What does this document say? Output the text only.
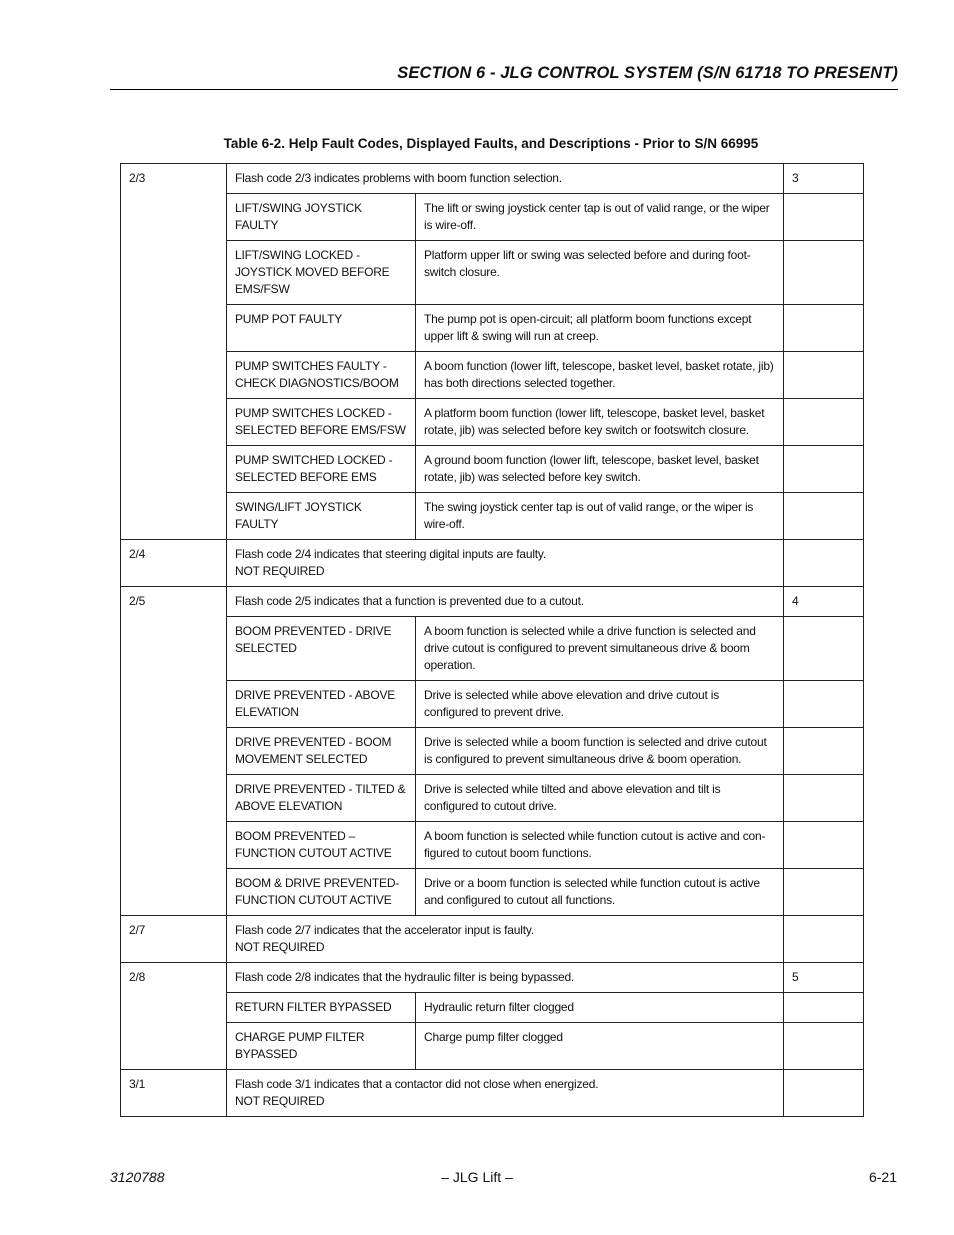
SECTION 6 - JLG CONTROL SYSTEM (S/N 61718 TO PRESENT)
Table 6-2. Help Fault Codes, Displayed Faults, and Descriptions - Prior to S/N 66995
2/3	Flash code 2/3 indicates problems with boom function selection.		3
	LIFT/SWING JOYSTICK FAULTY	The lift or swing joystick center tap is out of valid range, or the wiper is wire-off.	
	LIFT/SWING LOCKED - JOYSTICK MOVED BEFORE EMS/FSW	Platform upper lift or swing was selected before and during foot-switch closure.	
	PUMP POT FAULTY	The pump pot is open-circuit; all platform boom functions except upper lift & swing will run at creep.	
	PUMP SWITCHES FAULTY - CHECK DIAGNOSTICS/BOOM	A boom function (lower lift, telescope, basket level, basket rotate, jib) has both directions selected together.	
	PUMP SWITCHES LOCKED - SELECTED BEFORE EMS/FSW	A platform boom function (lower lift, telescope, basket level, basket rotate, jib) was selected before key switch or footswitch closure.	
	PUMP SWITCHED LOCKED - SELECTED BEFORE EMS	A ground boom function (lower lift, telescope, basket level, basket rotate, jib) was selected before key switch.	
	SWING/LIFT JOYSTICK FAULTY	The swing joystick center tap is out of valid range, or the wiper is wire-off.	
2/4	Flash code 2/4 indicates that steering digital inputs are faulty.
NOT REQUIRED		

2/5	Flash code 2/5 indicates that a function is prevented due to a cutout.		4
	BOOM PREVENTED - DRIVE SELECTED	A boom function is selected while a drive function is selected and drive cutout is configured to prevent simultaneous drive & boom operation.	
	DRIVE PREVENTED - ABOVE ELEVATION	Drive is selected while above elevation and drive cutout is configured to prevent drive.	
	DRIVE PREVENTED - BOOM MOVEMENT SELECTED	Drive is selected while a boom function is selected and drive cutout is configured to prevent simultaneous drive & boom operation.	
	DRIVE PREVENTED - TILTED & ABOVE ELEVATION	Drive is selected while tilted and above elevation and tilt is configured to cutout drive.	
	BOOM PREVENTED – FUNCTION CUTOUT ACTIVE	A boom function is selected while function cutout is active and con-figured to cutout boom functions.	
	BOOM & DRIVE PREVENTED-FUNCTION CUTOUT ACTIVE	Drive or a boom function is selected while function cutout is active and configured to cutout all functions.	
2/7	Flash code 2/7 indicates that the accelerator input is faulty.
NOT REQUIRED		

2/8	Flash code 2/8 indicates that the hydraulic filter is being bypassed.		5
	RETURN FILTER BYPASSED	Hydraulic return filter clogged	
	CHARGE PUMP FILTER BYPASSED	Charge pump filter clogged	
3/1	Flash code 3/1 indicates that a contactor did not close when energized.
NOT REQUIRED		

3120788	– JLG Lift –	6-21
